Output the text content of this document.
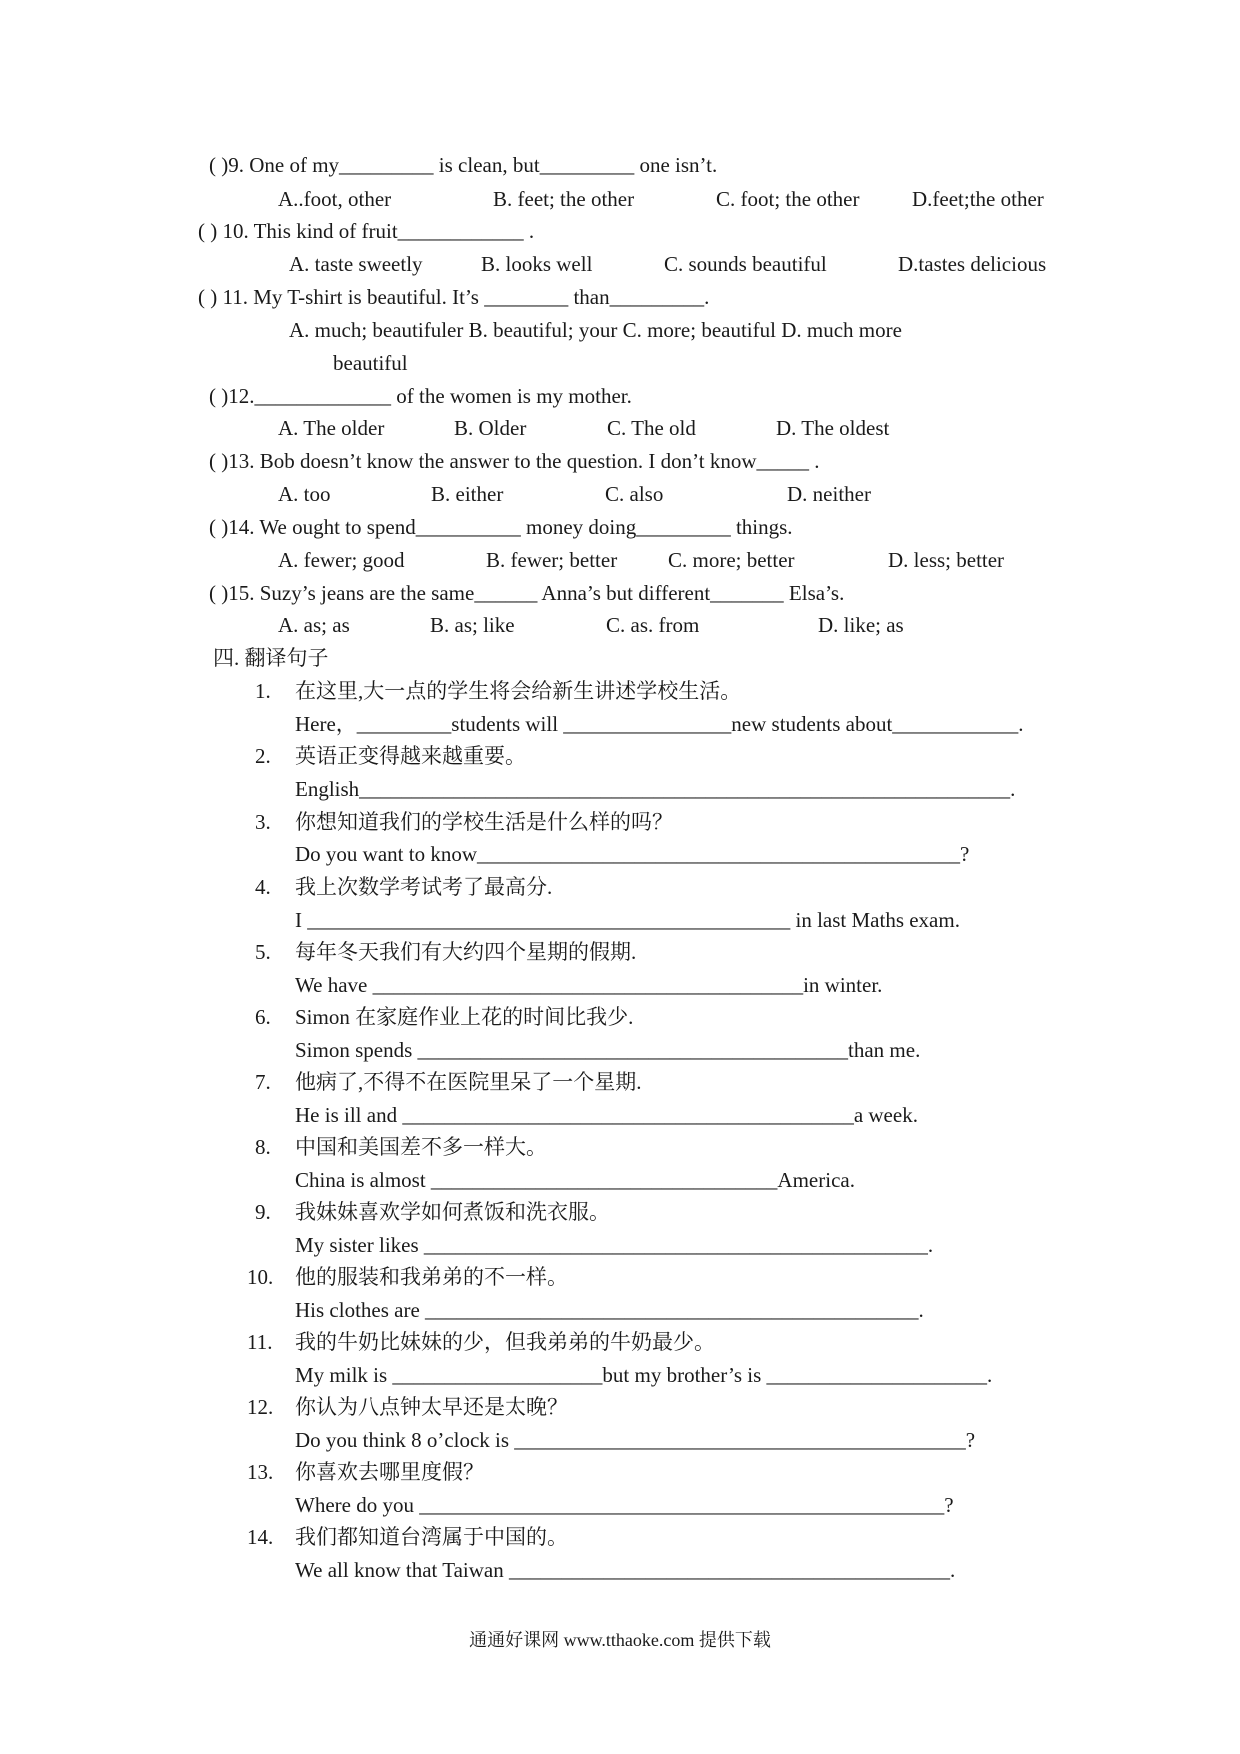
( )9. One of my_________ is clean, but_________ one isn’t.
A..foot, other	B. feet; the other	C. foot; the other	D.feet;the other
( ) 10. This kind of fruit____________ .
A. taste sweetly	B. looks well	C. sounds beautiful	D.tastes delicious
( ) 11. My T-shirt is beautiful. It’s ________ than_________.
A. much; beautifuler B. beautiful; your C. more; beautiful D. much more
beautiful
( )12._____________ of the women is my mother.
A. The older	B. Older	C. The old	D. The oldest
( )13. Bob doesn’t know the answer to the question. I don’t know_____ .
A. too	B. either	C. also	D. neither
( )14. We ought to spend__________ money doing_________ things.
A. fewer; good	B. fewer; better C. more; better	D. less; better
( )15. Suzy’s jeans are the same______ Anna’s but different_______ Elsa’s.
A. as; as	B. as; like	C. as. from	D. like; as
四. 翻译句子
1. 在这里,大一点的学生将会给新生讲述学校生活。
Here，_________students will ________________new students about____________.
2. 英语正变得越来越重要。
English______________________________________________________________.
3. 你想知道我们的学校生活是什么样的吗？
Do you want to know______________________________________________?
4. 我上次数学考试考了最高分.
I ______________________________________________ in last Maths exam.
5. 每年冬天我们有大约四个星期的假期.
We have _________________________________________in winter.
6. Simon 在家庭作业上花的时间比我少.
Simon spends _________________________________________than me.
7. 他病了,不得不在医院里呆了一个星期.
He is ill and ___________________________________________a week.
8. 中国和美国差不多一样大。
China is almost _________________________________America.
9. 我妹妹喜欢学如何煮饭和洗衣服。
My sister likes ________________________________________________.
10. 他的服装和我弟弟的不一样。
His clothes are _______________________________________________.
11. 我的牛奶比妹妹的少，但我弟弟的牛奶最少。
My milk is ____________________but my brother’s is _____________________.
12. 你认为八点钟太早还是太晚？
Do you think 8 o’clock is ___________________________________________?
13. 你喜欢去哪里度假？
Where do you __________________________________________________?
14. 我们都知道台湾属于中国的。
We all know that Taiwan __________________________________________.
通通好课网 www.tthaoke.com 提供下载
